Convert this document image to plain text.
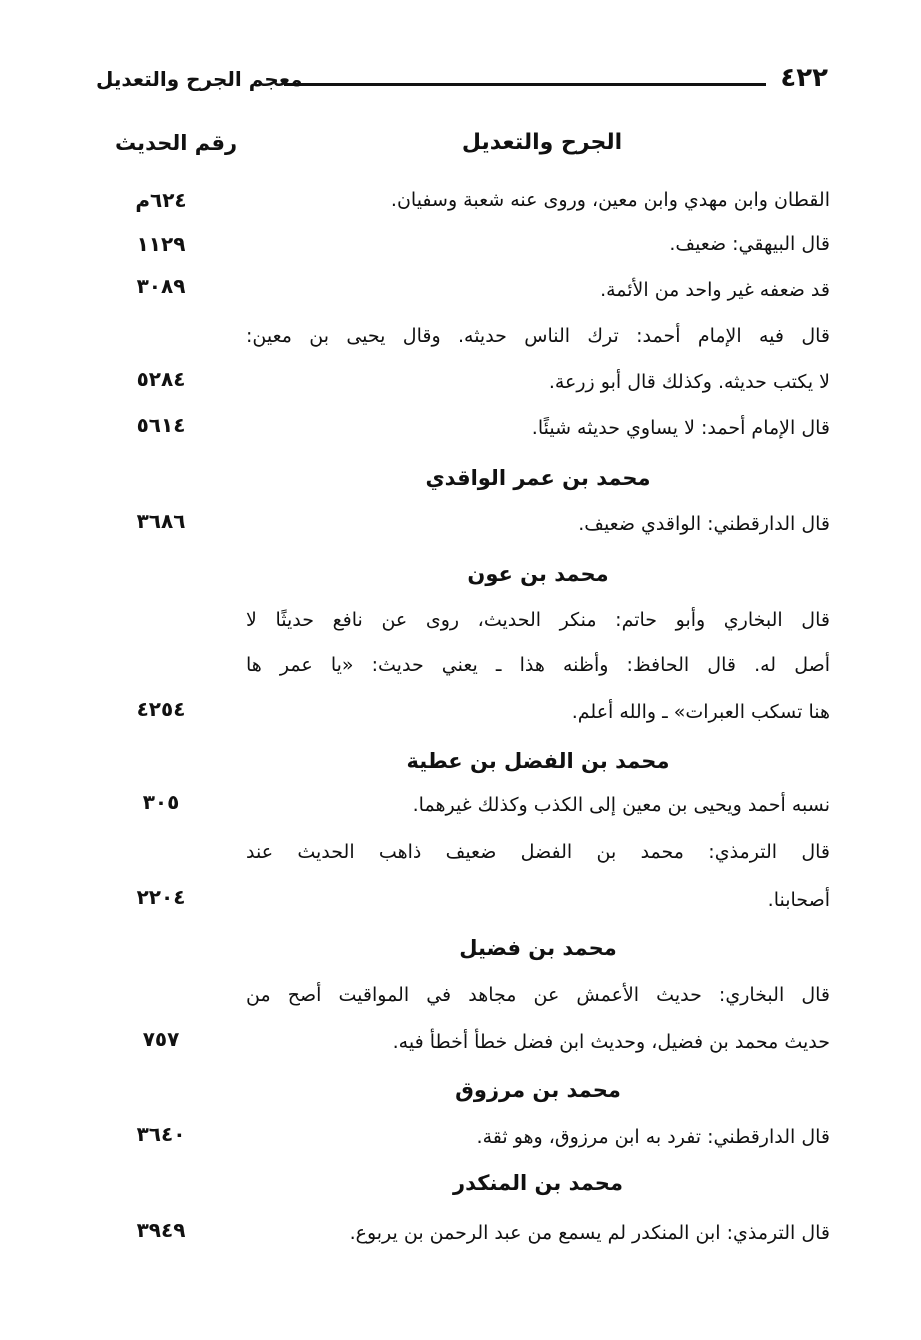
٤٢٢
معجم الجرح والتعديل
الجرح والتعديل
رقم الحديث
القطان وابن مهدي وابن معين، وروى عنه شعبة وسفيان.
٦٢٤م
قال البيهقي: ضعيف.
١١٢٩
قد ضعفه غير واحد من الأئمة.
٣٠٨٩
قال فيه الإمام أحمد: ترك الناس حديثه. وقال يحيى بن معين:
لا يكتب حديثه. وكذلك قال أبو زرعة.
٥٢٨٤
قال الإمام أحمد: لا يساوي حديثه شيئًا.
٥٦١٤
محمد بن عمر الواقدي
قال الدارقطني: الواقدي ضعيف.
٣٦٨٦
محمد بن عون
قال البخاري وأبو حاتم: منكر الحديث، روى عن نافع حديثًا لا
أصل له. قال الحافظ: وأظنه هذا ـ يعني حديث: «يا عمر ها
هنا تسكب العبرات» ـ والله أعلم.
٤٢٥٤
محمد بن الفضل بن عطية
نسبه أحمد ويحيى بن معين إلى الكذب وكذلك غيرهما.
٣٠٥
قال الترمذي: محمد بن الفضل ضعيف ذاهب الحديث عند
أصحابنا.
٢٢٠٤
محمد بن فضيل
قال البخاري: حديث الأعمش عن مجاهد في المواقيت أصح من
حديث محمد بن فضيل، وحديث ابن فضل خطأ أخطأ فيه.
٧٥٧
محمد بن مرزوق
قال الدارقطني: تفرد به ابن مرزوق، وهو ثقة.
٣٦٤٠
محمد بن المنكدر
قال الترمذي: ابن المنكدر لم يسمع من عبد الرحمن بن يربوع.
٣٩٤٩
